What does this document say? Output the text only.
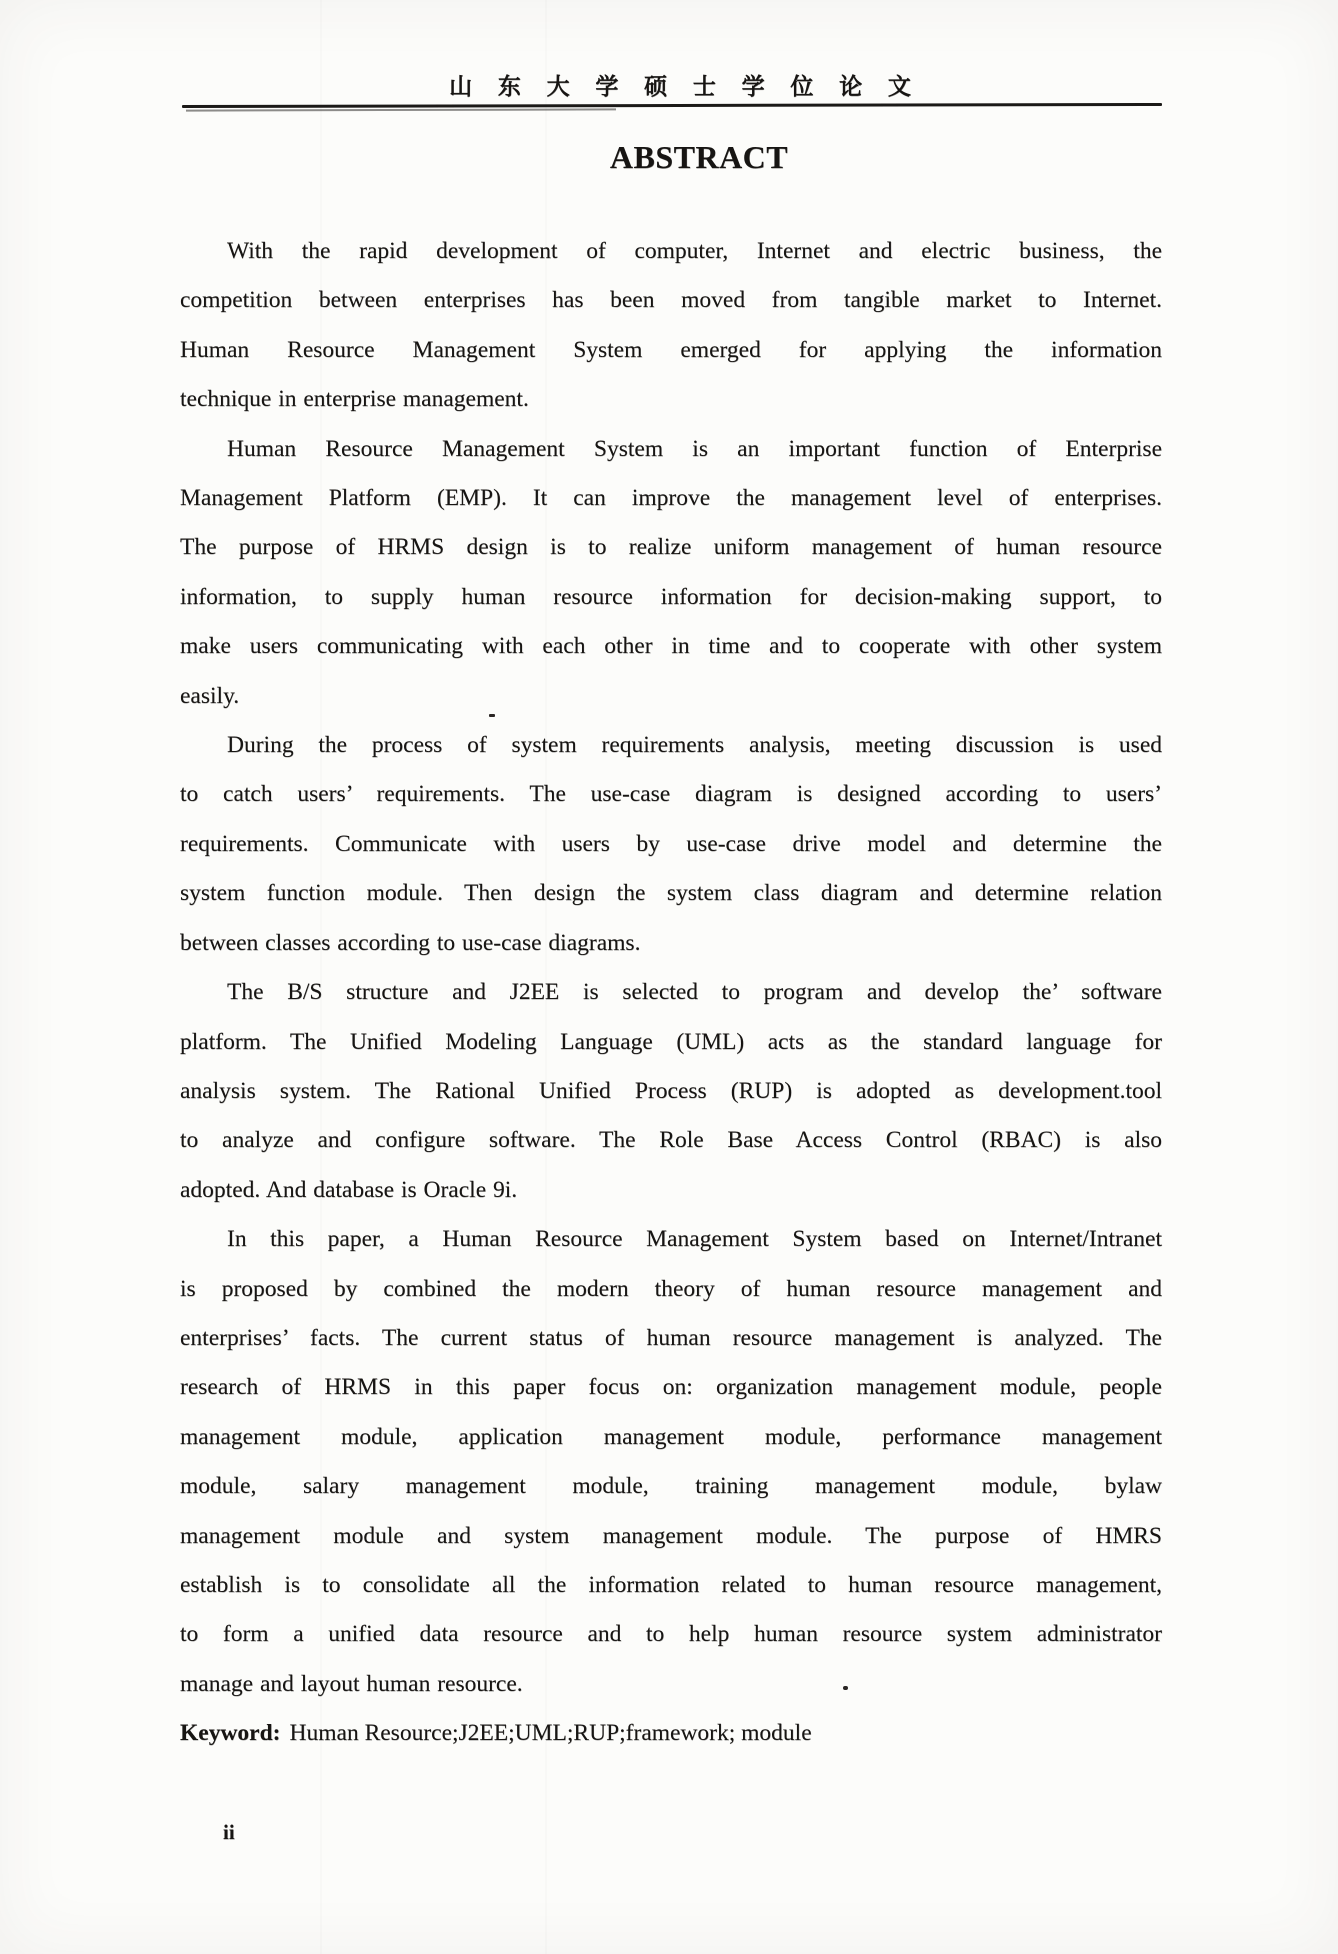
山 东 大 学 硕 士 学 位 论 文
ABSTRACT
With the rapid development of computer, Internet and electric business, the
competition between enterprises has been moved from tangible market to Internet.
Human Resource Management System emerged for applying the information
technique in enterprise management.
Human Resource Management System is an important function of Enterprise
Management Platform (EMP). It can improve the management level of enterprises.
The purpose of HRMS design is to realize uniform management of human resource
information, to supply human resource information for decision-making support, to
make users communicating with each other in time and to cooperate with other system
easily.
During the process of system requirements analysis, meeting discussion is used
to catch users’ requirements. The use-case diagram is designed according to users’
requirements. Communicate with users by use-case drive model and determine the
system function module. Then design the system class diagram and determine relation
between classes according to use-case diagrams.
The B/S structure and J2EE is selected to program and develop the’ software
platform. The Unified Modeling Language (UML) acts as the standard language for
analysis system. The Rational Unified Process (RUP) is adopted as development.tool
to analyze and configure software. The Role Base Access Control (RBAC) is also
adopted. And database is Oracle 9i.
In this paper, a Human Resource Management System based on Internet/Intranet
is proposed by combined the modern theory of human resource management and
enterprises’ facts. The current status of human resource management is analyzed. The
research of HRMS in this paper focus on: organization management module, people
management module, application management module, performance management
module, salary management module, training management module, bylaw
management module and system management module. The purpose of HMRS
establish is to consolidate all the information related to human resource management,
to form a unified data resource and to help human resource system administrator
manage and layout human resource.
Keyword: Human Resource;J2EE;UML;RUP;framework; module
ii
